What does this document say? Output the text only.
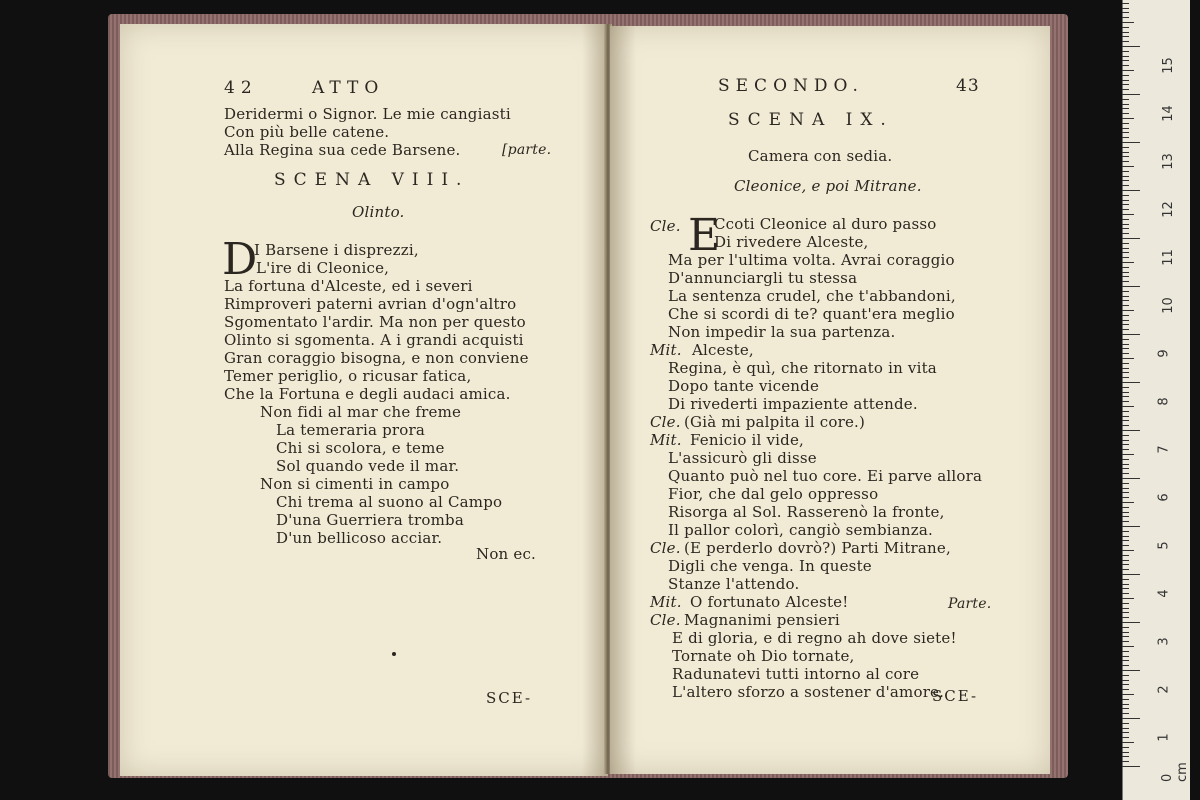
42	ATTO
Deridermi o Signor. Le mie cangiasti
Con più belle catene.
Alla Regina sua cede Barsene.	[parte.
SCENA VIII.
Olinto.
D
I Barsene i disprezzi,
L'ire di Cleonice,
La fortuna d'Alceste, ed i severi
Rimproveri paterni avrian d'ogn'altro
Sgomentato l'ardir. Ma non per questo
Olinto si sgomenta. A i grandi acquisti
Gran coraggio bisogna, e non conviene
Temer periglio, o ricusar fatica,
Che la Fortuna e degli audaci amica.
Non fidi al mar che freme
La temeraria prora
Chi si scolora, e teme
Sol quando vede il mar.
Non si cimenti in campo
Chi trema al suono al Campo
D'una Guerriera tromba
D'un bellicoso acciar.
Non ec.
SCE-
SECONDO.	43
SCENA IX.
Camera con sedia.
Cleonice, e poi Mitrane.
E
Cle. Ccoti Cleonice al duro passo
Di rivedere Alceste,
Ma per l'ultima volta. Avrai coraggio
D'annunciargli tu stessa
La sentenza crudel, che t'abbandoni,
Che si scordi di te? quant'era meglio
Non impedir la sua partenza.
Mit. Alceste,
Regina, è quì, che ritornato in vita
Dopo tante vicende
Di rivederti impaziente attende.
Cle. (Già mi palpita il core.)
Mit. Fenicio il vide,
L'assicurò gli disse
Quanto può nel tuo core. Ei parve allora
Fior, che dal gelo oppresso
Risorga al Sol. Rasserenò la fronte,
Il pallor colorì, cangiò sembianza.
Cle. (E perderlo dovrò?) Parti Mitrane,
Digli che venga. In queste
Stanze l'attendo.
Mit. O fortunato Alceste!	Parte.
Cle. Magnanimi pensieri
E di gloria, e di regno ah dove siete!
Tornate oh Dio tornate,
Radunatevi tutti intorno al core
L'altero sforzo a sostener d'amore.
SCE-
0 cm
1
2
3
4
5
6
7
8
9
10
11
12
13
14
15
